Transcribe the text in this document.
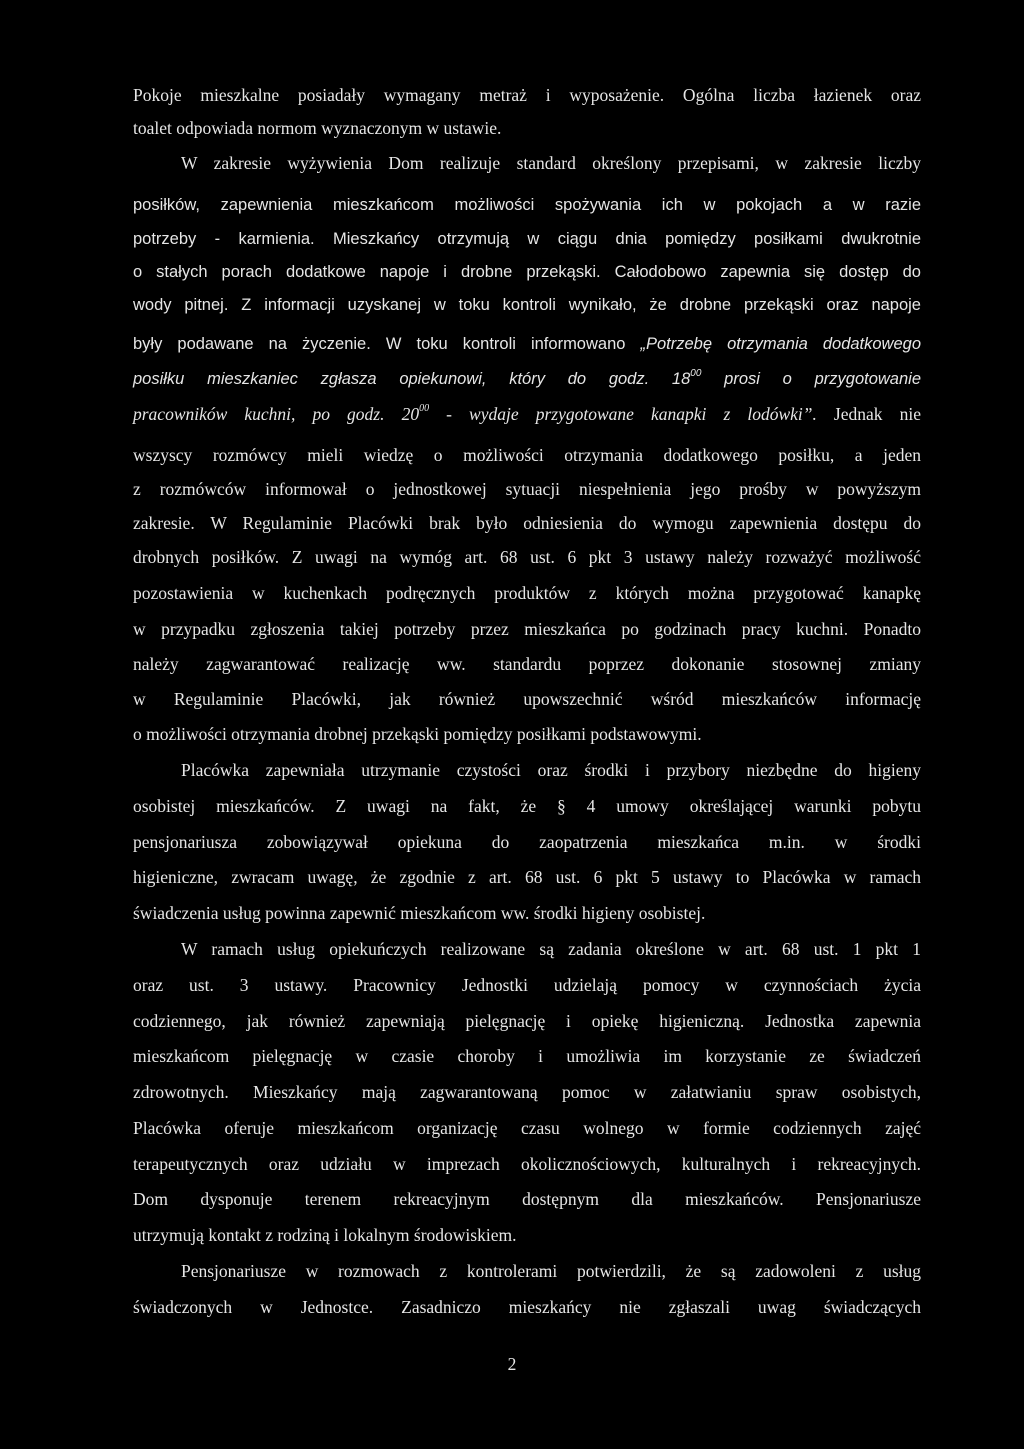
Pokoje mieszkalne posiadały wymagany metraż i wyposażenie. Ogólna liczba łazienek oraz
toalet odpowiada normom wyznaczonym w ustawie.
W zakresie wyżywienia Dom realizuje standard określony przepisami, w zakresie liczby
posiłków, zapewnienia mieszkańcom możliwości spożywania ich w pokojach a w razie
potrzeby - karmienia. Mieszkańcy otrzymują w ciągu dnia pomiędzy posiłkami dwukrotnie
o stałych porach dodatkowe napoje i drobne przekąski. Całodobowo zapewnia się dostęp do
wody pitnej. Z informacji uzyskanej w toku kontroli wynikało, że drobne przekąski oraz napoje
były podawane na życzenie. W toku kontroli informowano „Potrzebę otrzymania dodatkowego
posiłku mieszkaniec zgłasza opiekunowi, który do godz. $18^{00}$ prosi o przygotowanie
pracowników kuchni, po godz. $20^{00}$ - wydaje przygotowane kanapki z lodówki”. Jednak nie
wszyscy rozmówcy mieli wiedzę o możliwości otrzymania dodatkowego posiłku, a jeden
z rozmówców informował o jednostkowej sytuacji niespełnienia jego prośby w powyższym
zakresie. W Regulaminie Placówki brak było odniesienia do wymogu zapewnienia dostępu do
drobnych posiłków. Z uwagi na wymóg art. 68 ust. 6 pkt 3 ustawy należy rozważyć możliwość
pozostawienia w kuchenkach podręcznych produktów z których można przygotować kanapkę
w przypadku zgłoszenia takiej potrzeby przez mieszkańca po godzinach pracy kuchni. Ponadto
należy zagwarantować realizację ww. standardu poprzez dokonanie stosownej zmiany
w Regulaminie Placówki, jak również upowszechnić wśród mieszkańców informację
o możliwości otrzymania drobnej przekąski pomiędzy posiłkami podstawowymi.
Placówka zapewniała utrzymanie czystości oraz środki i przybory niezbędne do higieny
osobistej mieszkańców. Z uwagi na fakt, że § 4 umowy określającej warunki pobytu
pensjonariusza zobowiązywał opiekuna do zaopatrzenia mieszkańca m.in. w środki
higieniczne, zwracam uwagę, że zgodnie z art. 68 ust. 6 pkt 5 ustawy to Placówka w ramach
świadczenia usług powinna zapewnić mieszkańcom ww. środki higieny osobistej.
W ramach usług opiekuńczych realizowane są zadania określone w art. 68 ust. 1 pkt 1
oraz ust. 3 ustawy. Pracownicy Jednostki udzielają pomocy w czynnościach życia
codziennego, jak również zapewniają pielęgnację i opiekę higieniczną. Jednostka zapewnia
mieszkańcom pielęgnację w czasie choroby i umożliwia im korzystanie ze świadczeń
zdrowotnych. Mieszkańcy mają zagwarantowaną pomoc w załatwianiu spraw osobistych,
Placówka oferuje mieszkańcom organizację czasu wolnego w formie codziennych zajęć
terapeutycznych oraz udziału w imprezach okolicznościowych, kulturalnych i rekreacyjnych.
Dom dysponuje terenem rekreacyjnym dostępnym dla mieszkańców. Pensjonariusze
utrzymują kontakt z rodziną i lokalnym środowiskiem.
Pensjonariusze w rozmowach z kontrolerami potwierdzili, że są zadowoleni z usług
świadczonych w Jednostce. Zasadniczo mieszkańcy nie zgłaszali uwag świadczących
2
